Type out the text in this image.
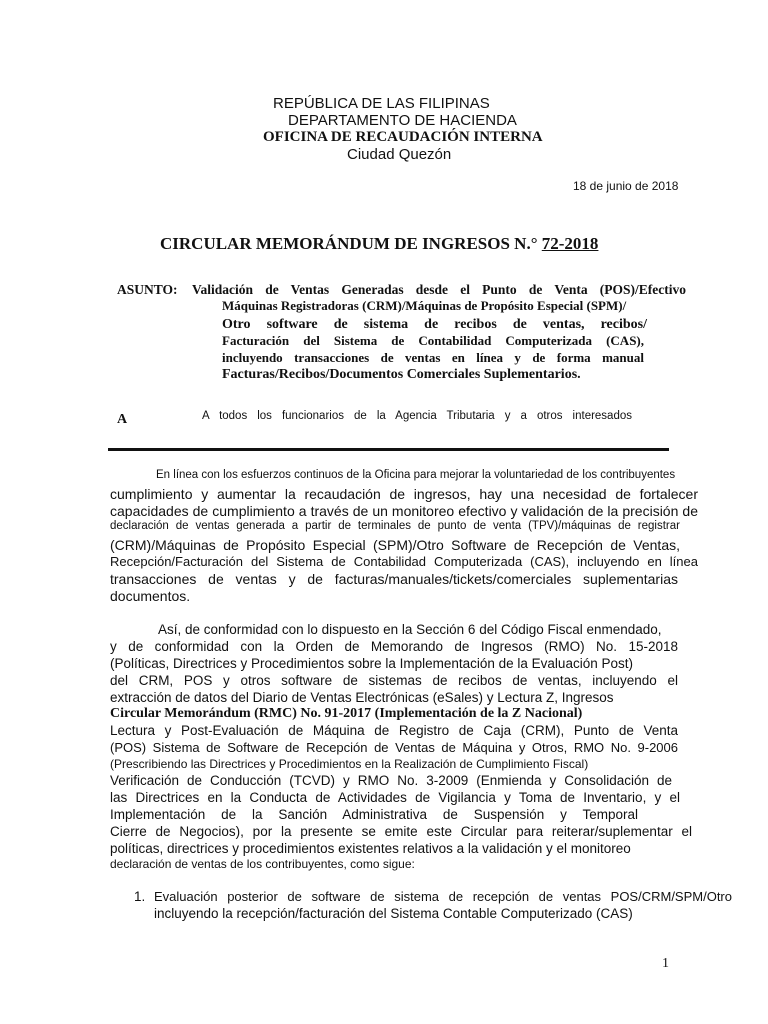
REPÚBLICA DE LAS FILIPINAS
DEPARTAMENTO DE HACIENDA
OFICINA DE RECAUDACIÓN INTERNA
Ciudad Quezón
18 de junio de 2018
CIRCULAR MEMORÁNDUM DE INGRESOS N.° 72-2018
ASUNTO: Validación de Ventas Generadas desde el Punto de Venta (POS)/Efectivo
Máquinas Registradoras (CRM)/Máquinas de Propósito Especial (SPM)/
Otro software de sistema de recibos de ventas, recibos/
Facturación del Sistema de Contabilidad Computerizada (CAS),
incluyendo transacciones de ventas en línea y de forma manual
Facturas/Recibos/Documentos Comerciales Suplementarios.
A	A todos los funcionarios de la Agencia Tributaria y a otros interesados
En línea con los esfuerzos continuos de la Oficina para mejorar la voluntariedad de los contribuyentes
cumplimiento y aumentar la recaudación de ingresos, hay una necesidad de fortalecer
capacidades de cumplimiento a través de un monitoreo efectivo y validación de la precisión de
declaración de ventas generada a partir de terminales de punto de venta (TPV)/máquinas de registrar
(CRM)/Máquinas de Propósito Especial (SPM)/Otro Software de Recepción de Ventas,
Recepción/Facturación del Sistema de Contabilidad Computerizada (CAS), incluyendo en línea
transacciones de ventas y de facturas/manuales/tickets/comerciales suplementarias
documentos.
Así, de conformidad con lo dispuesto en la Sección 6 del Código Fiscal enmendado,
y de conformidad con la Orden de Memorando de Ingresos (RMO) No. 15-2018
(Políticas, Directrices y Procedimientos sobre la Implementación de la Evaluación Post)
del CRM, POS y otros software de sistemas de recibos de ventas, incluyendo el
extracción de datos del Diario de Ventas Electrónicas (eSales) y Lectura Z, Ingresos
Circular Memorándum (RMC) No. 91-2017 (Implementación de la Z Nacional)
Lectura y Post-Evaluación de Máquina de Registro de Caja (CRM), Punto de Venta
(POS) Sistema de Software de Recepción de Ventas de Máquina y Otros, RMO No. 9-2006
(Prescribiendo las Directrices y Procedimientos en la Realización de Cumplimiento Fiscal)
Verificación de Conducción (TCVD) y RMO No. 3-2009 (Enmienda y Consolidación de
las Directrices en la Conducta de Actividades de Vigilancia y Toma de Inventario, y el
Implementación de la Sanción Administrativa de Suspensión y Temporal
Cierre de Negocios), por la presente se emite este Circular para reiterar/suplementar el
políticas, directrices y procedimientos existentes relativos a la validación y el monitoreo
declaración de ventas de los contribuyentes, como sigue:
1. Evaluación posterior de software de sistema de recepción de ventas POS/CRM/SPM/Otro
incluyendo la recepción/facturación del Sistema Contable Computerizado (CAS)
1
